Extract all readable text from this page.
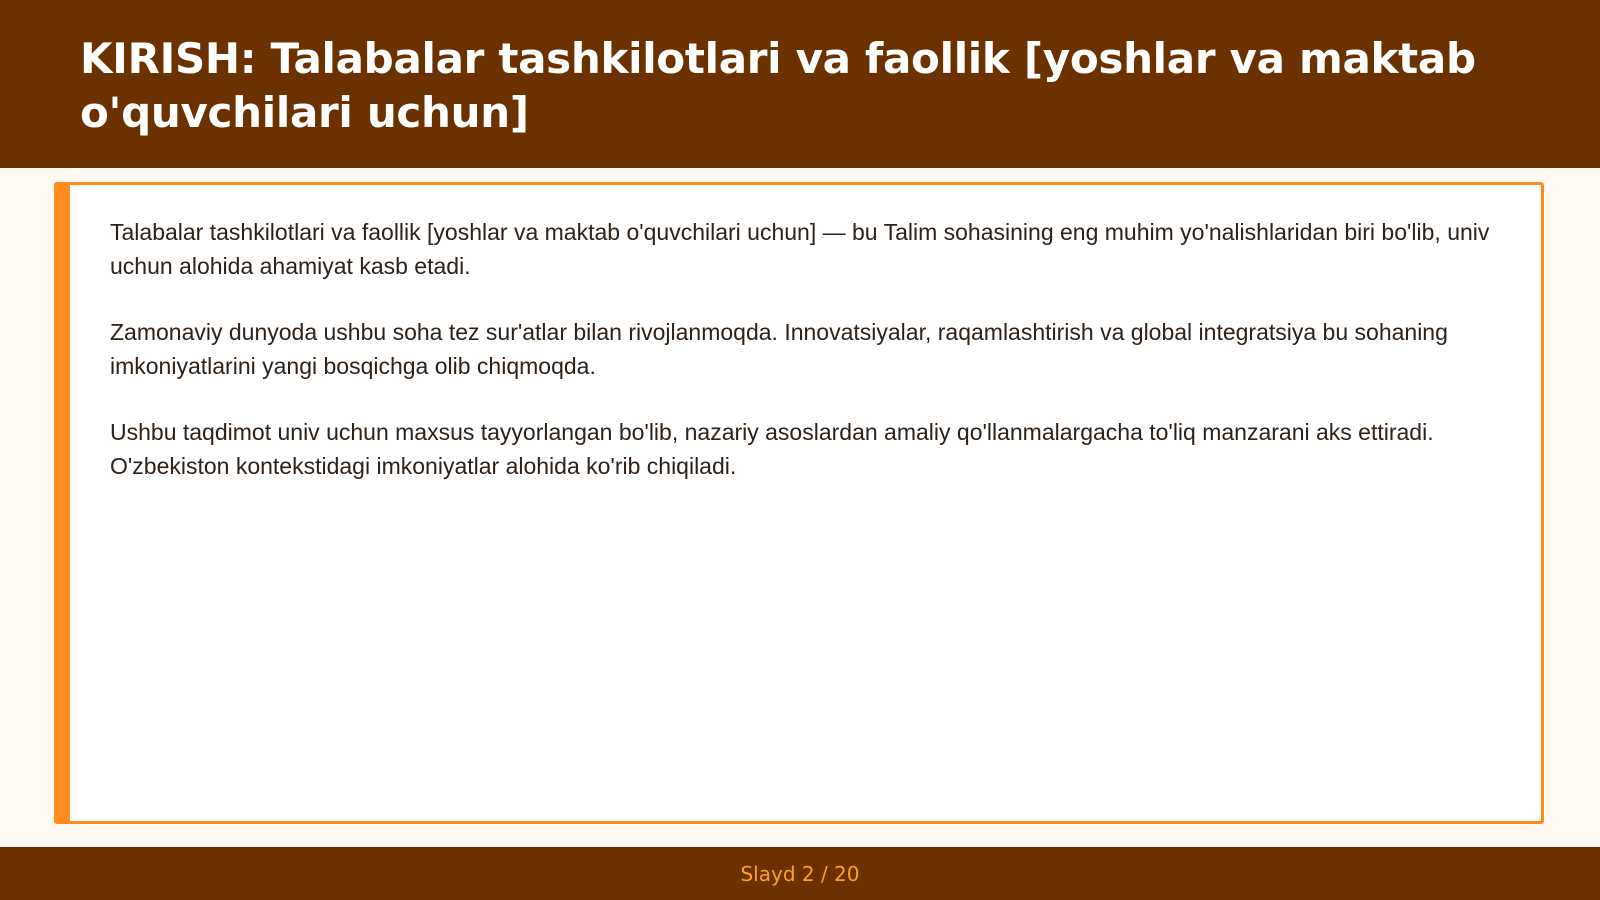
KIRISH: Talabalar tashkilotlari va faollik [yoshlar va maktab o'quvchilari uchun]

Talabalar tashkilotlari va faollik [yoshlar va maktab o'quvchilari uchun] — bu Talim sohasining eng muhim yo'nalishlaridan biri bo'lib, univ uchun alohida ahamiyat kasb etadi.

Zamonaviy dunyoda ushbu soha tez sur'atlar bilan rivojlanmoqda. Innovatsiyalar, raqamlashtirish va global integratsiya bu sohaning imkoniyatlarini yangi bosqichga olib chiqmoqda.

Ushbu taqdimot univ uchun maxsus tayyorlangan bo'lib, nazariy asoslardan amaliy qo'llanmalargacha to'liq manzarani aks ettiradi. O'zbekiston kontekstidagi imkoniyatlar alohida ko'rib chiqiladi.

Slayd 2 / 20
